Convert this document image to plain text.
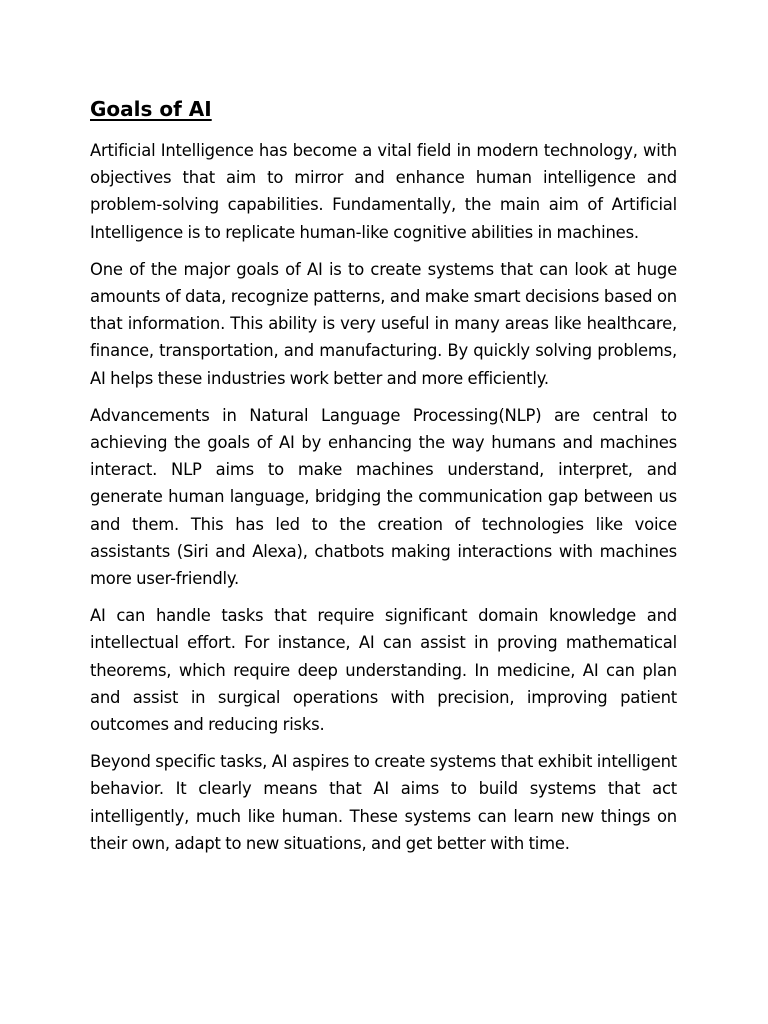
Goals of AI

Artificial Intelligence has become a vital field in modern technology, with objectives that aim to mirror and enhance human intelligence and problem-solving capabilities. Fundamentally, the main aim of Artificial Intelligence is to replicate human-like cognitive abilities in machines.

One of the major goals of AI is to create systems that can look at huge amounts of data, recognize patterns, and make smart decisions based on that information. This ability is very useful in many areas like healthcare, finance, transportation, and manufacturing. By quickly solving problems, AI helps these industries work better and more efficiently.

Advancements in Natural Language Processing(NLP) are central to achieving the goals of AI by enhancing the way humans and machines interact. NLP aims to make machines understand, interpret, and generate human language, bridging the communication gap between us and them. This has led to the creation of technologies like voice assistants (Siri and Alexa), chatbots making interactions with machines more user-friendly.

AI can handle tasks that require significant domain knowledge and intellectual effort. For instance, AI can assist in proving mathematical theorems, which require deep understanding. In medicine, AI can plan and assist in surgical operations with precision, improving patient outcomes and reducing risks.

Beyond specific tasks, AI aspires to create systems that exhibit intelligent behavior. It clearly means that AI aims to build systems that act intelligently, much like human. These systems can learn new things on their own, adapt to new situations, and get better with time.
